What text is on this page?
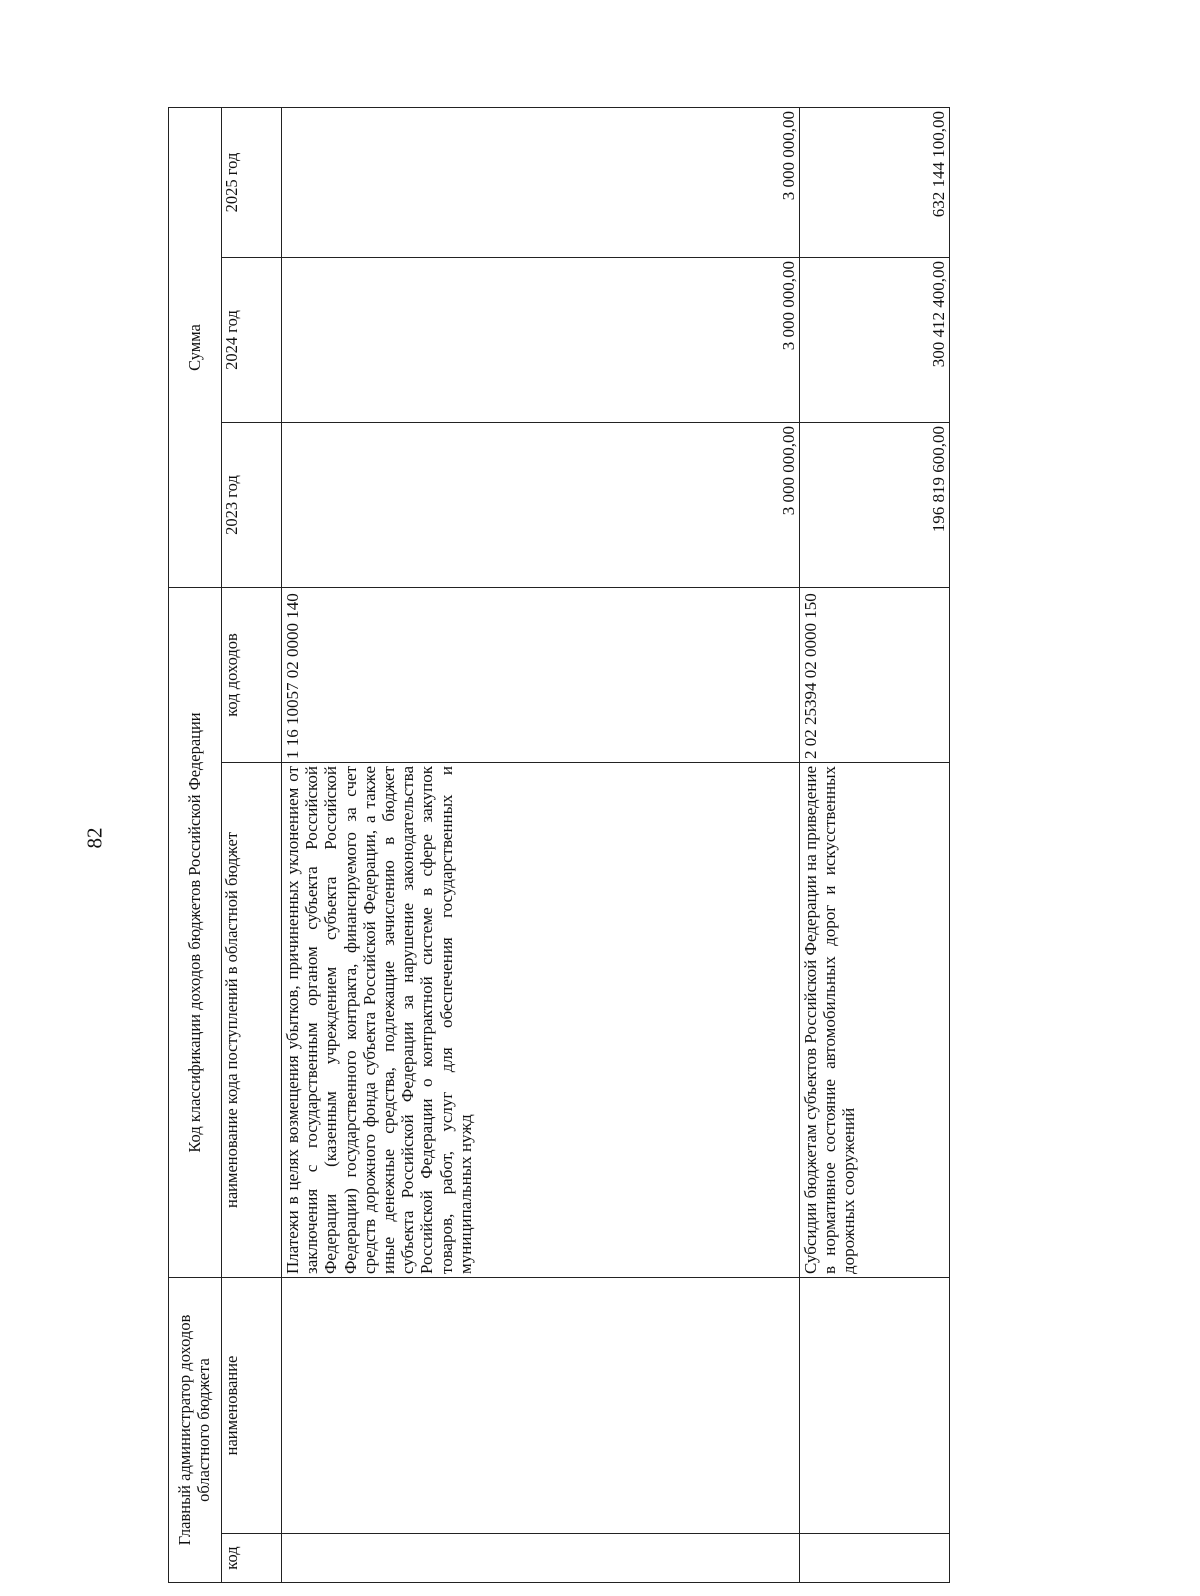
82
Главный администратор доходов областного бюджета		Код классификации доходов бюджетов Российской Федерации		Сумма		
код	наименование	наименование кода поступлений в областной бюджет	код доходов	2023 год	2024 год	2025 год
		Платежи в целях возмещения убытков, причиненных уклонением от заключения с государственным органом субъекта Российской Федерации (казенным учреждением субъекта Российской Федерации) государственного контракта, финансируемого за счет средств дорожного фонда субъекта Российской Федерации, а также иные денежные средства, подлежащие зачислению в бюджет субъекта Российской Федерации за нарушение законодательства Российской Федерации о контрактной системе в сфере закупок товаров, работ, услуг для обеспечения государственных и муниципальных нужд	1 16 10057 02 0000 140	3 000 000,00	3 000 000,00	3 000 000,00
		Субсидии бюджетам субъектов Российской Федерации на приведение в нормативное состояние автомобильных дорог и искусственных дорожных сооружений	2 02 25394 02 0000 150	196 819 600,00	300 412 400,00	632 144 100,00
